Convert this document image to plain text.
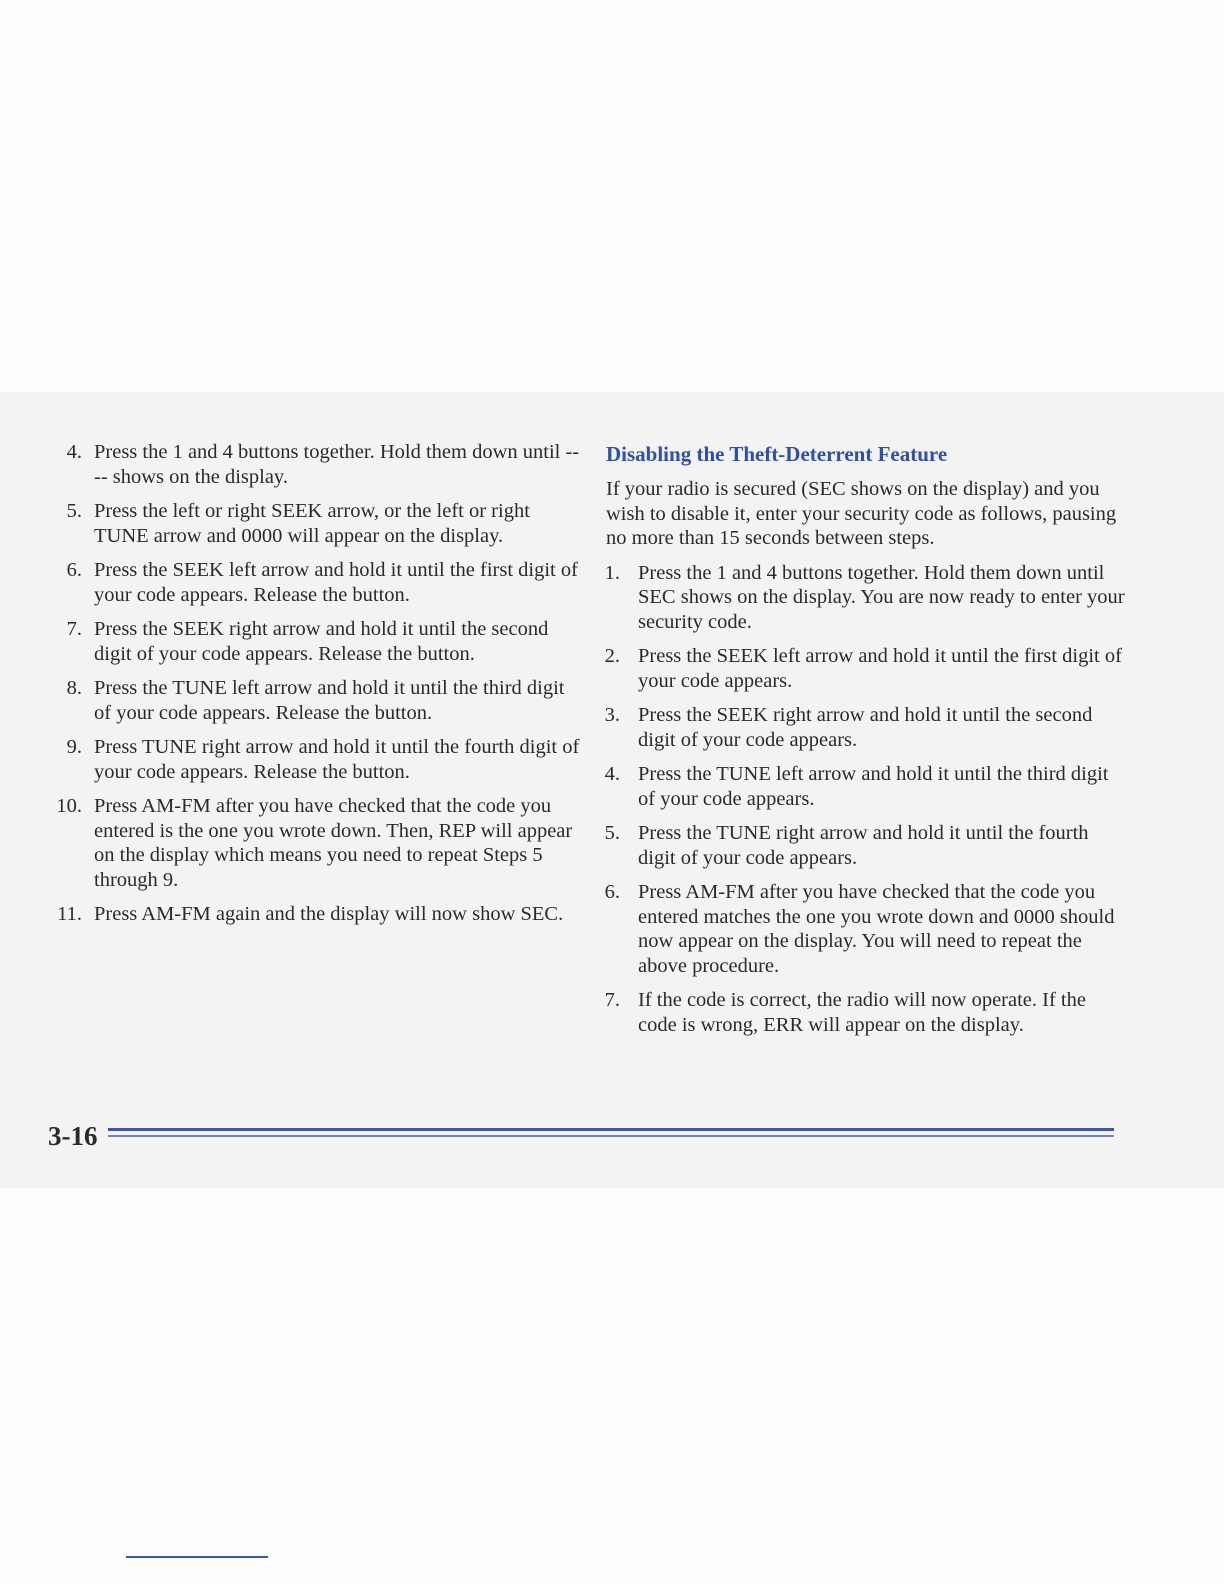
4. Press the 1 and 4 buttons together. Hold them down until ---- shows on the display.
5. Press the left or right SEEK arrow, or the left or right TUNE arrow and 0000 will appear on the display.
6. Press the SEEK left arrow and hold it until the first digit of your code appears. Release the button.
7. Press the SEEK right arrow and hold it until the second digit of your code appears. Release the button.
8. Press the TUNE left arrow and hold it until the third digit of your code appears. Release the button.
9. Press TUNE right arrow and hold it until the fourth digit of your code appears. Release the button.
10. Press AM-FM after you have checked that the code you entered is the one you wrote down. Then, REP will appear on the display which means you need to repeat Steps 5 through 9.
11. Press AM-FM again and the display will now show SEC.
Disabling the Theft-Deterrent Feature

If your radio is secured (SEC shows on the display) and you wish to disable it, enter your security code as follows, pausing no more than 15 seconds between steps.

1. Press the 1 and 4 buttons together. Hold them down until SEC shows on the display. You are now ready to enter your security code.
2. Press the SEEK left arrow and hold it until the first digit of your code appears.
3. Press the SEEK right arrow and hold it until the second digit of your code appears.
4. Press the TUNE left arrow and hold it until the third digit of your code appears.
5. Press the TUNE right arrow and hold it until the fourth digit of your code appears.
6. Press AM-FM after you have checked that the code you entered matches the one you wrote down and 0000 should now appear on the display. You will need to repeat the above procedure.
7. If the code is correct, the radio will now operate. If the code is wrong, ERR will appear on the display.
3-16
